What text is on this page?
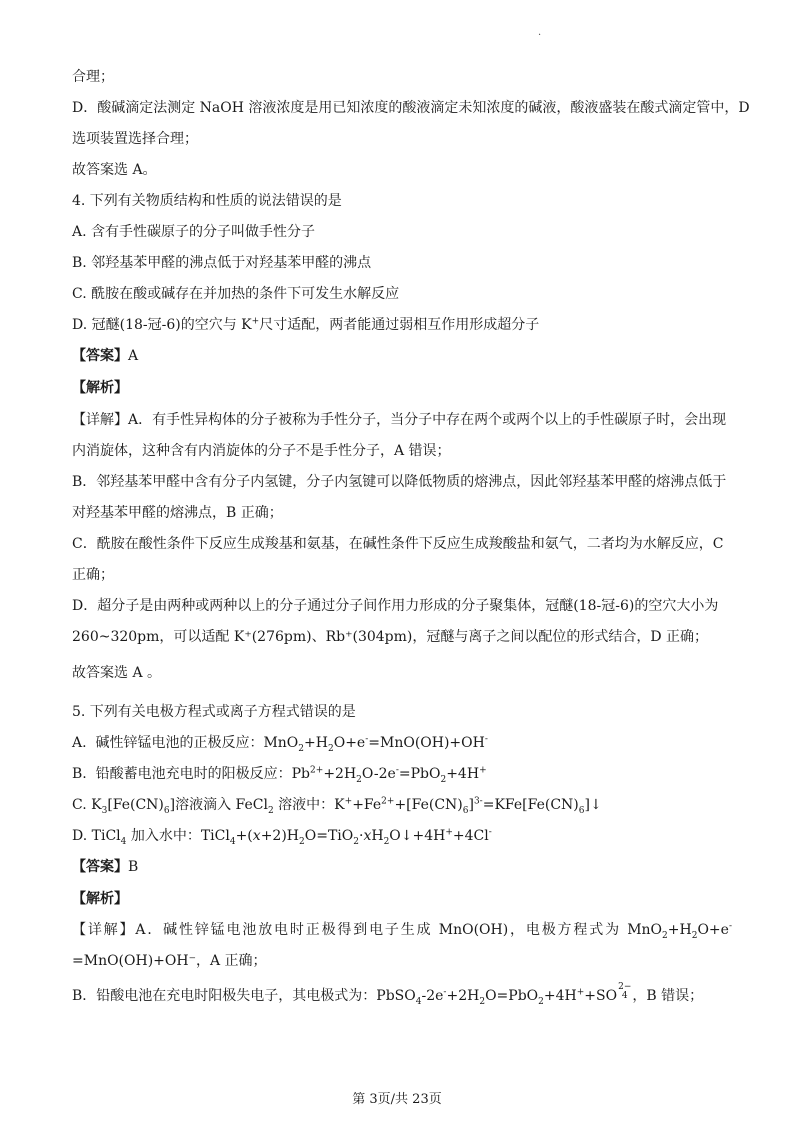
·
合理；
D．酸碱滴定法测定 NaOH 溶液浓度是用已知浓度的酸液滴定未知浓度的碱液，酸液盛装在酸式滴定管中，D
选项装置选择合理；
故答案选 A。
4. 下列有关物质结构和性质的说法错误的是
A. 含有手性碳原子的分子叫做手性分子
B. 邻羟基苯甲醛的沸点低于对羟基苯甲醛的沸点
C. 酰胺在酸或碱存在并加热的条件下可发生水解反应
D. 冠醚(18-冠-6)的空穴与 K+尺寸适配，两者能通过弱相互作用形成超分子
【答案】A
【解析】
【详解】A．有手性异构体的分子被称为手性分子，当分子中存在两个或两个以上的手性碳原子时，会出现
内消旋体，这种含有内消旋体的分子不是手性分子，A 错误；
B．邻羟基苯甲醛中含有分子内氢键，分子内氢键可以降低物质的熔沸点，因此邻羟基苯甲醛的熔沸点低于
对羟基苯甲醛的熔沸点，B 正确；
C．酰胺在酸性条件下反应生成羧基和氨基，在碱性条件下反应生成羧酸盐和氨气，二者均为水解反应，C
正确；
D．超分子是由两种或两种以上的分子通过分子间作用力形成的分子聚集体，冠醚(18-冠-6)的空穴大小为
260~320pm，可以适配 K⁺(276pm)、Rb⁺(304pm)，冠醚与离子之间以配位的形式结合，D 正确；
故答案选 A 。
5. 下列有关电极方程式或离子方程式错误的是
A.  碱性锌锰电池的正极反应：$MnO_2+H_2O+e^-=MnO(OH)+OH^-$
B.  铅酸蓄电池充电时的阳极反应：$Pb^{2+}+2H_2O-2e^-=PbO_2+4H^+$
C. $K_3[Fe(CN)_6]$溶液滴入 FeCl$_2$ 溶液中：$K^++Fe^{2+}+[Fe(CN)_6]^{3-}=KFe[Fe(CN)_6]↓$
D. TiCl$_4$ 加入水中：$TiCl_4+(x+2)H_2O=TiO_2\cdot xH_2O↓+4H^++4Cl^-$
【答案】B
【解析】
【详解】A．碱性锌锰电池放电时正极得到电子生成 MnO(OH)，电极方程式为 $MnO_2+H_2O+e^-$
=MnO(OH)+OH⁻，A 正确；
B．铅酸电池在充电时阳极失电子，其电极式为：$PbSO_4-2e^-+2H_2O=PbO_2+4H^++SO$
2−
4 ，B 错误；
第 3页/共 23页
